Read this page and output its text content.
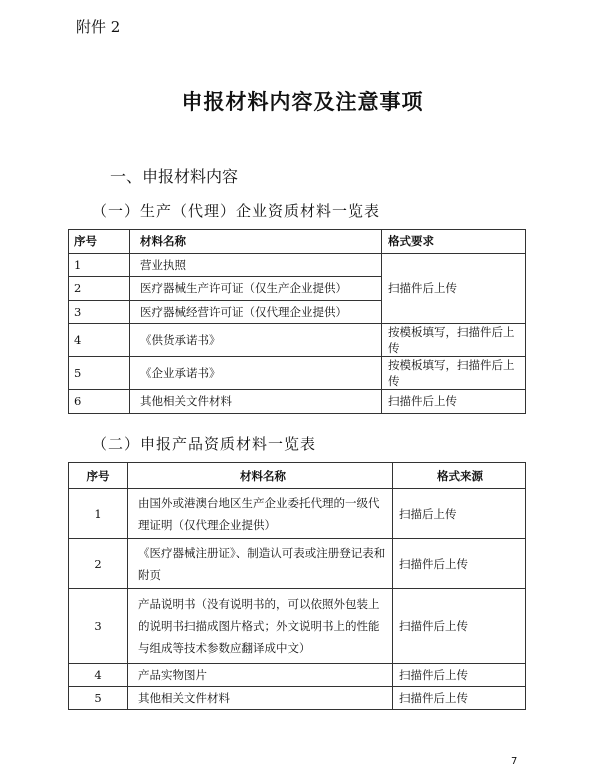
附件 2
申报材料内容及注意事项
一、申报材料内容
（一）生产（代理）企业资质材料一览表
序号	材料名称	格式要求
1	营业执照	扫描件后上传
2	医疗器械生产许可证（仅生产企业提供）	
3	医疗器械经营许可证（仅代理企业提供）	
4	《供货承诺书》	按模板填写，扫描件后上传
5	《企业承诺书》	按模板填写，扫描件后上传
6	其他相关文件材料	扫描件后上传
（二）申报产品资质材料一览表
序号	材料名称	格式来源
1	由国外或港澳台地区生产企业委托代理的一级代理证明（仅代理企业提供）	扫描后上传
2	《医疗器械注册证》、制造认可表或注册登记表和附页	扫描件后上传
3	产品说明书（没有说明书的，可以依照外包装上的说明书扫描成图片格式；外文说明书上的性能与组成等技术参数应翻译成中文）	扫描件后上传
4	产品实物图片	扫描件后上传
5	其他相关文件材料	扫描件后上传
7
